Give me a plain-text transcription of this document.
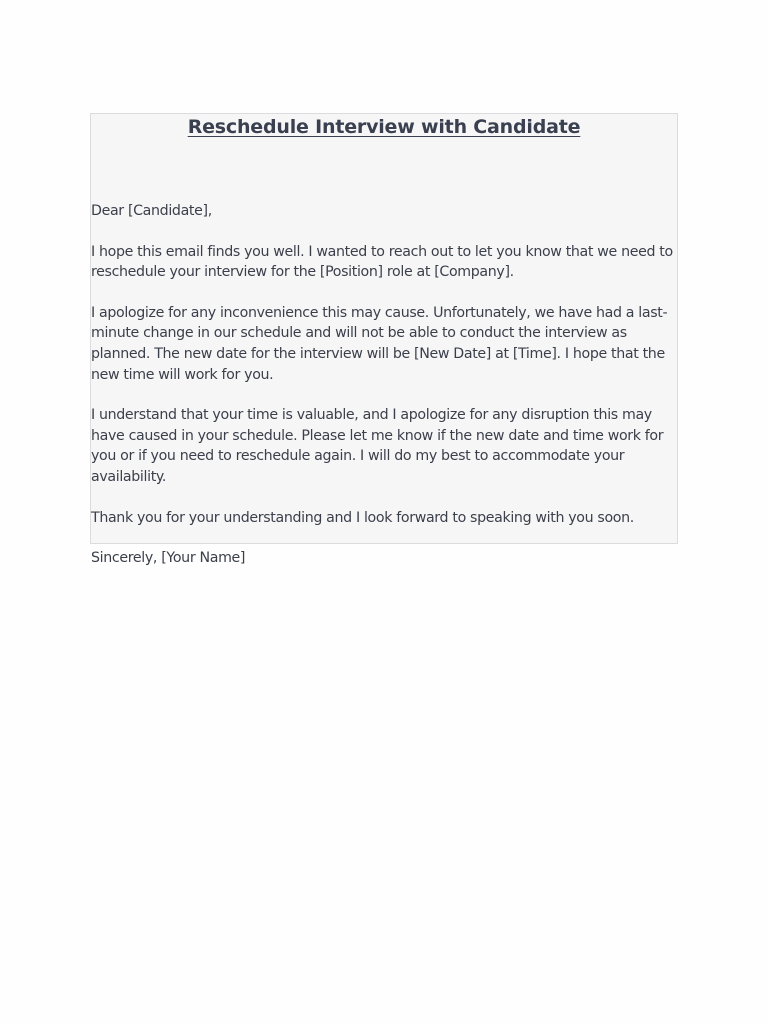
Reschedule Interview with Candidate

Dear [Candidate],

I hope this email finds you well. I wanted to reach out to let you know that we need to reschedule your interview for the [Position] role at [Company].

I apologize for any inconvenience this may cause. Unfortunately, we have had a last-minute change in our schedule and will not be able to conduct the interview as planned. The new date for the interview will be [New Date] at [Time]. I hope that the new time will work for you.

I understand that your time is valuable, and I apologize for any disruption this may have caused in your schedule. Please let me know if the new date and time work for you or if you need to reschedule again. I will do my best to accommodate your availability.

Thank you for your understanding and I look forward to speaking with you soon.

Sincerely, [Your Name]
